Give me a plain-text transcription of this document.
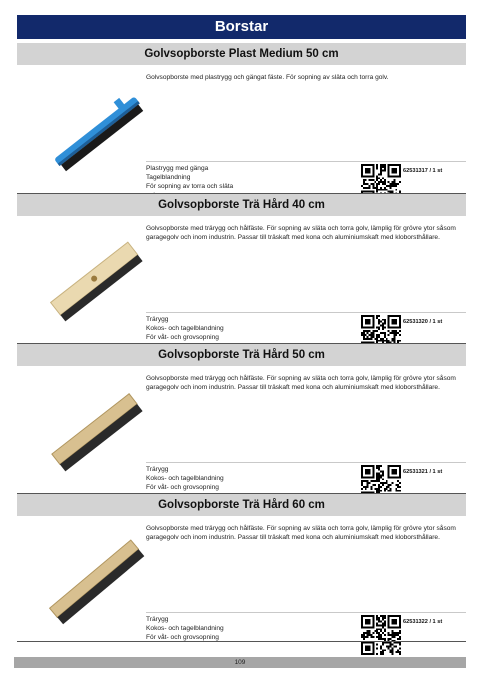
Borstar
Golvsopborste Plast Medium 50 cm
Golvsopborste med plastrygg och gängat fäste. För sopning av släta och torra golv.
Plastrygg med gänga
Tagelblandning
För sopning av torra och släta
62531317 / 1 st
Golvsopborste Trä Hård 40 cm
Golvsopborste med trärygg och hålfäste. För sopning av släta och torra golv, lämplig för grövre ytor såsom garagegolv och inom industrin. Passar till träskaft med kona och aluminiumskaft med kloborsthållare.
Trärygg
Kokos- och tagelblandning
För våt- och grovsopning
62531320 / 1 st
Golvsopborste Trä Hård 50 cm
Golvsopborste med trärygg och hålfäste. För sopning av släta och torra golv, lämplig för grövre ytor såsom garagegolv och inom industrin. Passar till träskaft med kona och aluminiumskaft med kloborsthållare.
Trärygg
Kokos- och tagelblandning
För våt- och grovsopning
62531321 / 1 st
Golvsopborste Trä Hård 60 cm
Golvsopborste med trärygg och hålfäste. För sopning av släta och torra golv, lämplig för grövre ytor såsom garagegolv och inom industrin. Passar till träskaft med kona och aluminiumskaft med kloborsthållare.
Trärygg
Kokos- och tagelblandning
För våt- och grovsopning
62531322 / 1 st
109
